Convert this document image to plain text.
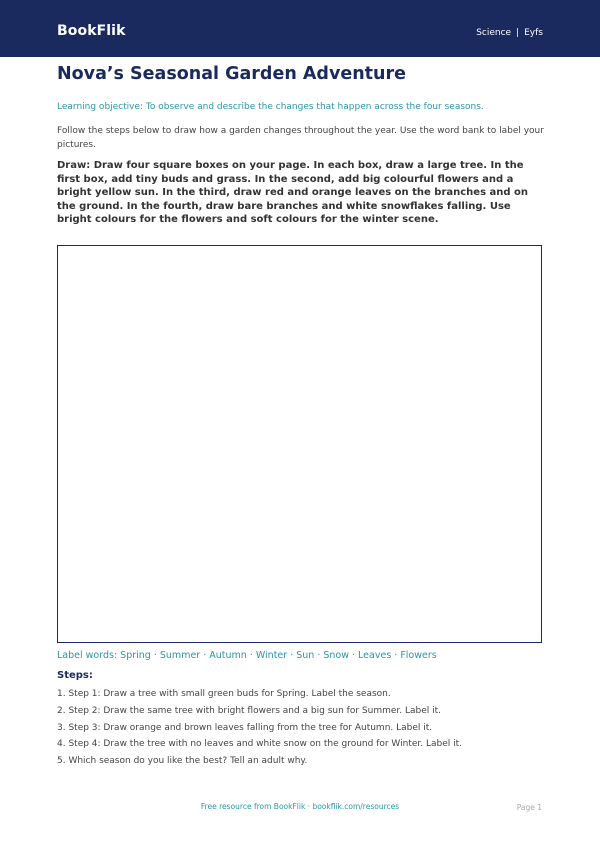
BookFlik	Science | Eyfs
Nova’s Seasonal Garden Adventure
Learning objective: To observe and describe the changes that happen across the four seasons.
Follow the steps below to draw how a garden changes throughout the year. Use the word bank to label your pictures.
Draw: Draw four square boxes on your page. In each box, draw a large tree. In the first box, add tiny buds and grass. In the second, add big colourful flowers and a bright yellow sun. In the third, draw red and orange leaves on the branches and on the ground. In the fourth, draw bare branches and white snowflakes falling. Use bright colours for the flowers and soft colours for the winter scene.
Label words: Spring · Summer · Autumn · Winter · Sun · Snow · Leaves · Flowers
Steps:
1. Step 1: Draw a tree with small green buds for Spring. Label the season.
2. Step 2: Draw the same tree with bright flowers and a big sun for Summer. Label it.
3. Step 3: Draw orange and brown leaves falling from the tree for Autumn. Label it.
4. Step 4: Draw the tree with no leaves and white snow on the ground for Winter. Label it.
5. Which season do you like the best? Tell an adult why.
Free resource from BookFlik · bookflik.com/resources	Page 1
